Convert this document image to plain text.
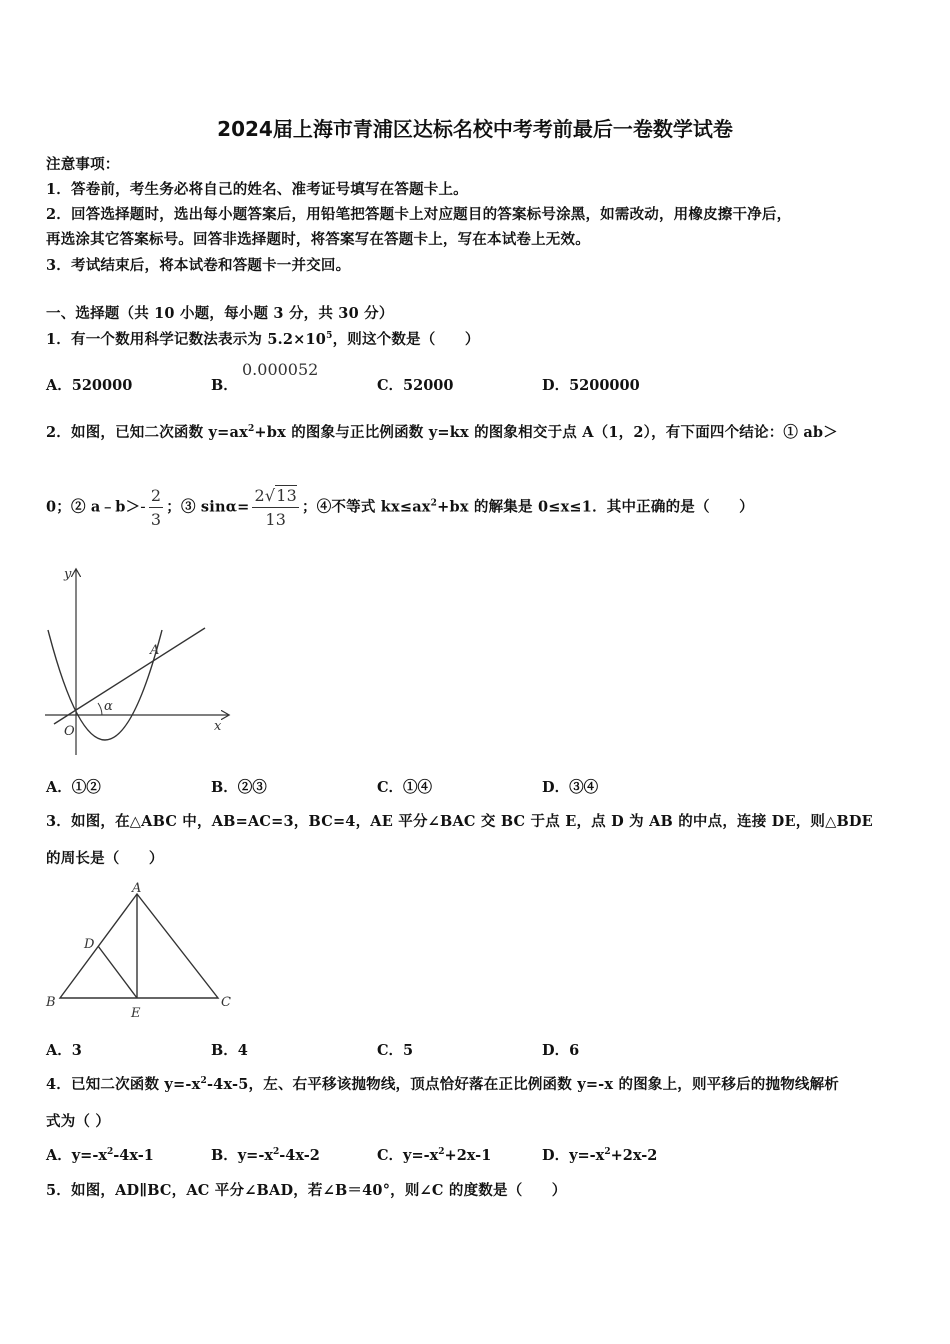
2024届上海市青浦区达标名校中考考前最后一卷数学试卷
注意事项：
1．答卷前，考生务必将自己的姓名、准考证号填写在答题卡上。
2．回答选择题时，选出每小题答案后，用铅笔把答题卡上对应题目的答案标号涂黑，如需改动，用橡皮擦干净后，
再选涂其它答案标号。回答非选择题时，将答案写在答题卡上，写在本试卷上无效。
3．考试结束后，将本试卷和答题卡一并交回。
一、选择题（共 10 小题，每小题 3 分，共 30 分）
1．有一个数用科学记数法表示为 $5.2\times 10^5$，则这个数是（　　）
A．520000	B．
0.000052
C．52000	D．5200000
2．如图，已知二次函数 $y=ax^2+bx$ 的图象与正比例函数 y=kx 的图象相交于点 A（1，2），有下面四个结论：① ab＞
0；② a﹣b＞- $\frac{2}{3}$ ；③ $\sin\alpha= \frac{2√13}{13}$ ；④不等式 $kx\le ax^2+bx$ 的解集是 0≤x≤1．其中正确的是（　　）
y
x
O
A
α
A．①②	B．②③	C．①④	D．③④
3．如图，在△ABC 中，AB=AC=3，BC=4，AE 平分∠BAC 交 BC 于点 E，点 D 为 AB 的中点，连接 DE，则△BDE
的周长是（　　）
A
B	C
D
E
A．3	B．4	C．5	D．6
4．已知二次函数 $y=-x^2-4x-5$，左、右平移该抛物线，顶点恰好落在正比例函数 y=-x 的图象上，则平移后的抛物线解析
式为（ ）
A．$y=-x^2-4x-1$	B．$y=-x^2-4x-2$	C．$y=-x^2+2x-1$	D．$y=-x^2+2x-2$
5．如图，AD∥BC，AC 平分∠BAD，若∠B＝40°，则∠C 的度数是（　　）
